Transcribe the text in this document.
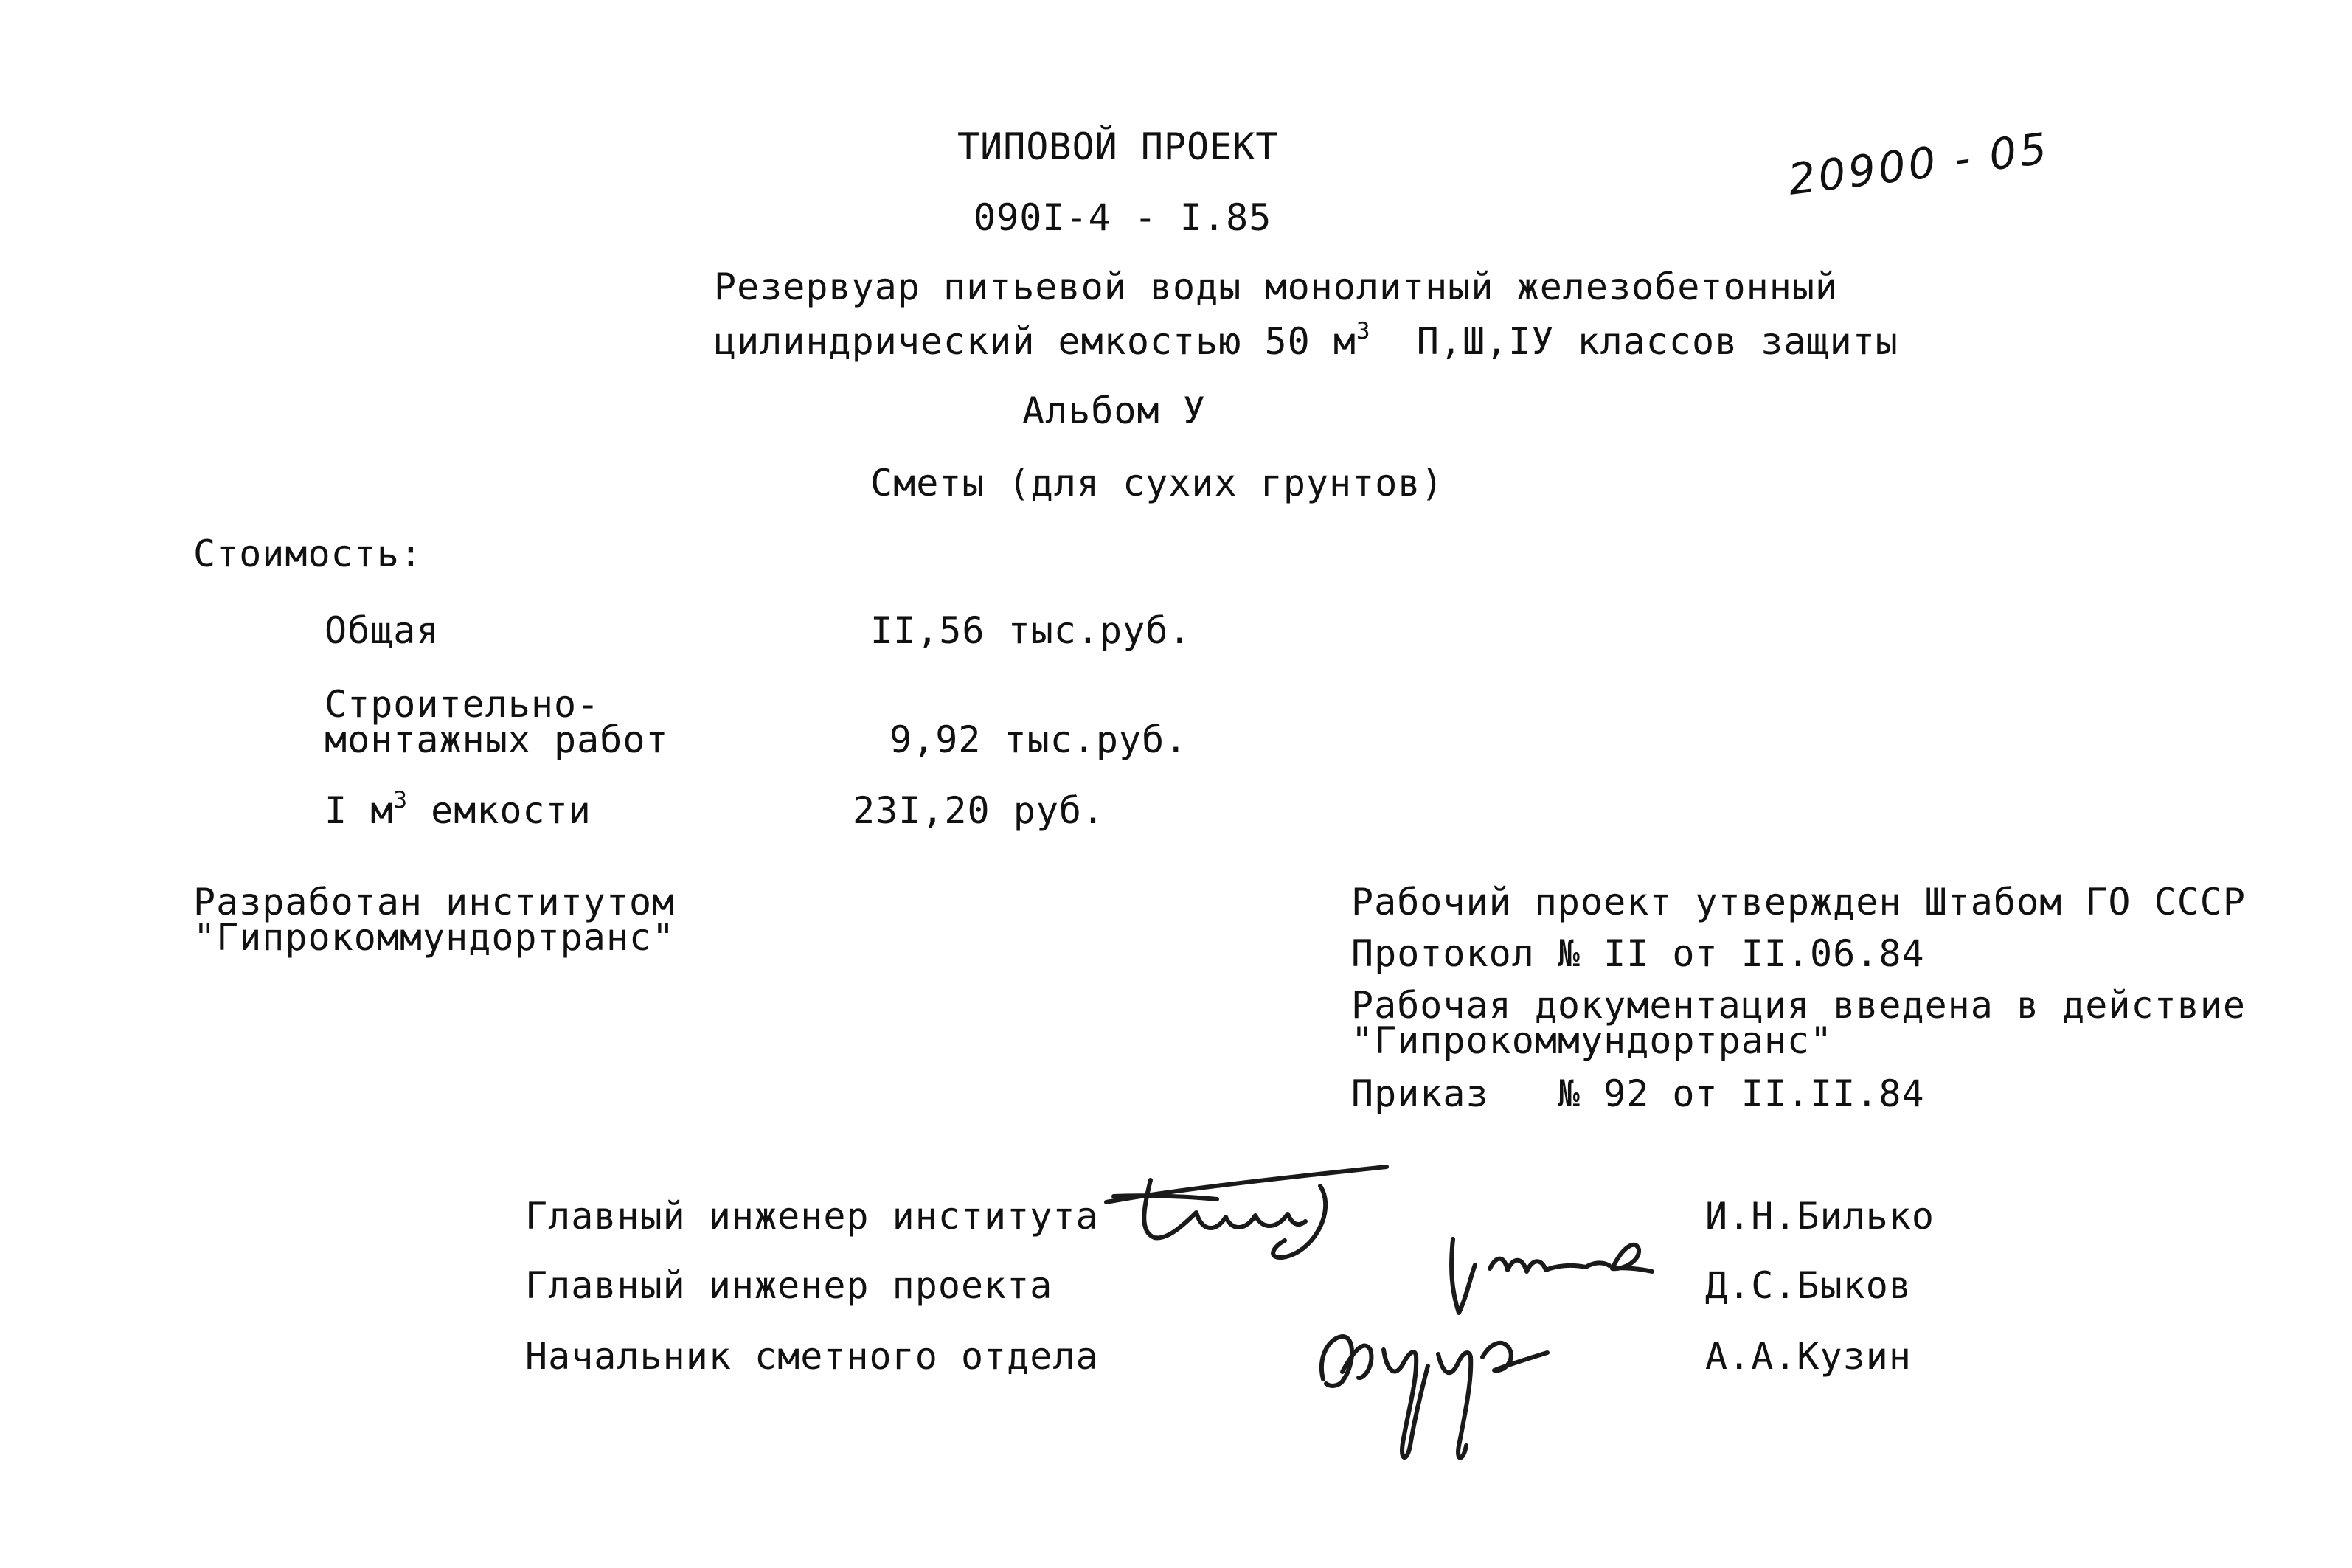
ТИПОВОЙ ПРОЕКТ	20900 - 05
090I-4 - I.85
Резервуар питьевой воды монолитный железобетонный
цилиндрический емкостью 50 $м^3$  П,Ш,IУ классов защиты
Альбом У
Сметы (для сухих грунтов)
Стоимость:
Общая	II,56 тыс.руб.
Строительно-
монтажных работ	9,92 тыс.руб.
I $м^3$ емкости	23I,20 руб.
Разработан институтом
"Гипрокоммундортранс"
Рабочий проект утвержден Штабом ГО СССР
Протокол № II от II.06.84
Рабочая документация введена в действие
"Гипрокоммундортранс"
Приказ   № 92 от II.II.84
Главный инженер института	И.Н.Билько
Главный инженер проекта	Д.С.Быков
Начальник сметного отдела	А.А.Кузин
